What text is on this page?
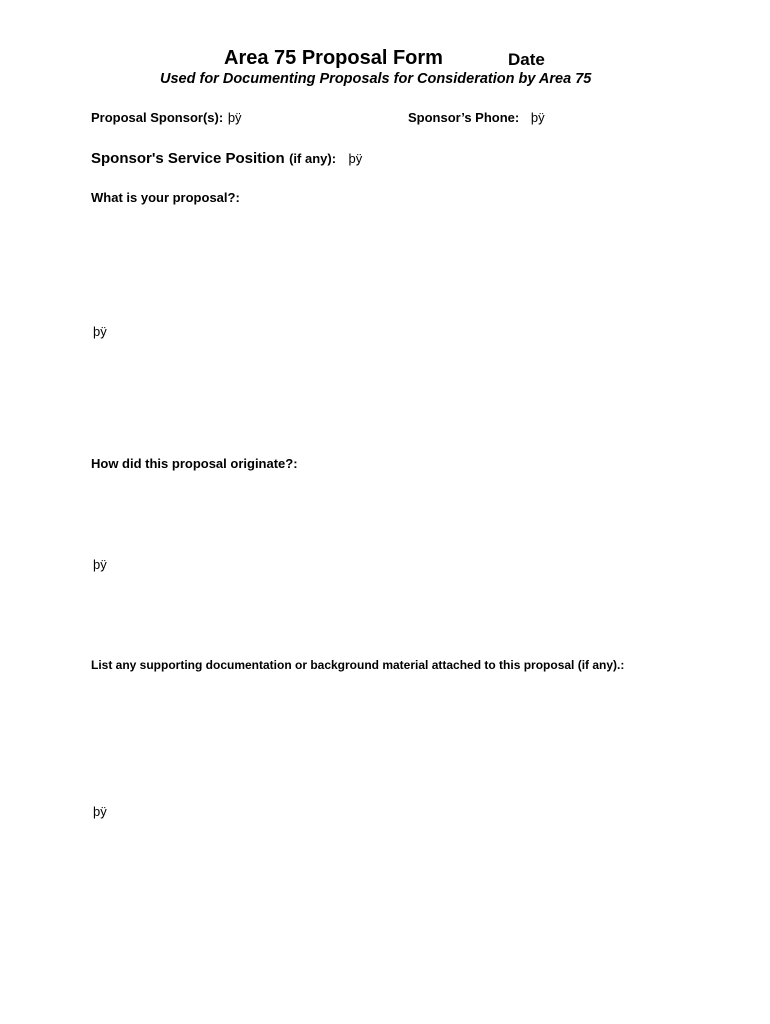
Area 75 Proposal Form	Date
Used for Documenting Proposals for Consideration by Area 75
Proposal Sponsor(s): þÿ	Sponsor’s Phone: þÿ
Sponsor's Service Position (if any): þÿ
What is your proposal?:
þÿ
How did this proposal originate?:
þÿ
List any supporting documentation or background material attached to this proposal (if any).:
þÿ
